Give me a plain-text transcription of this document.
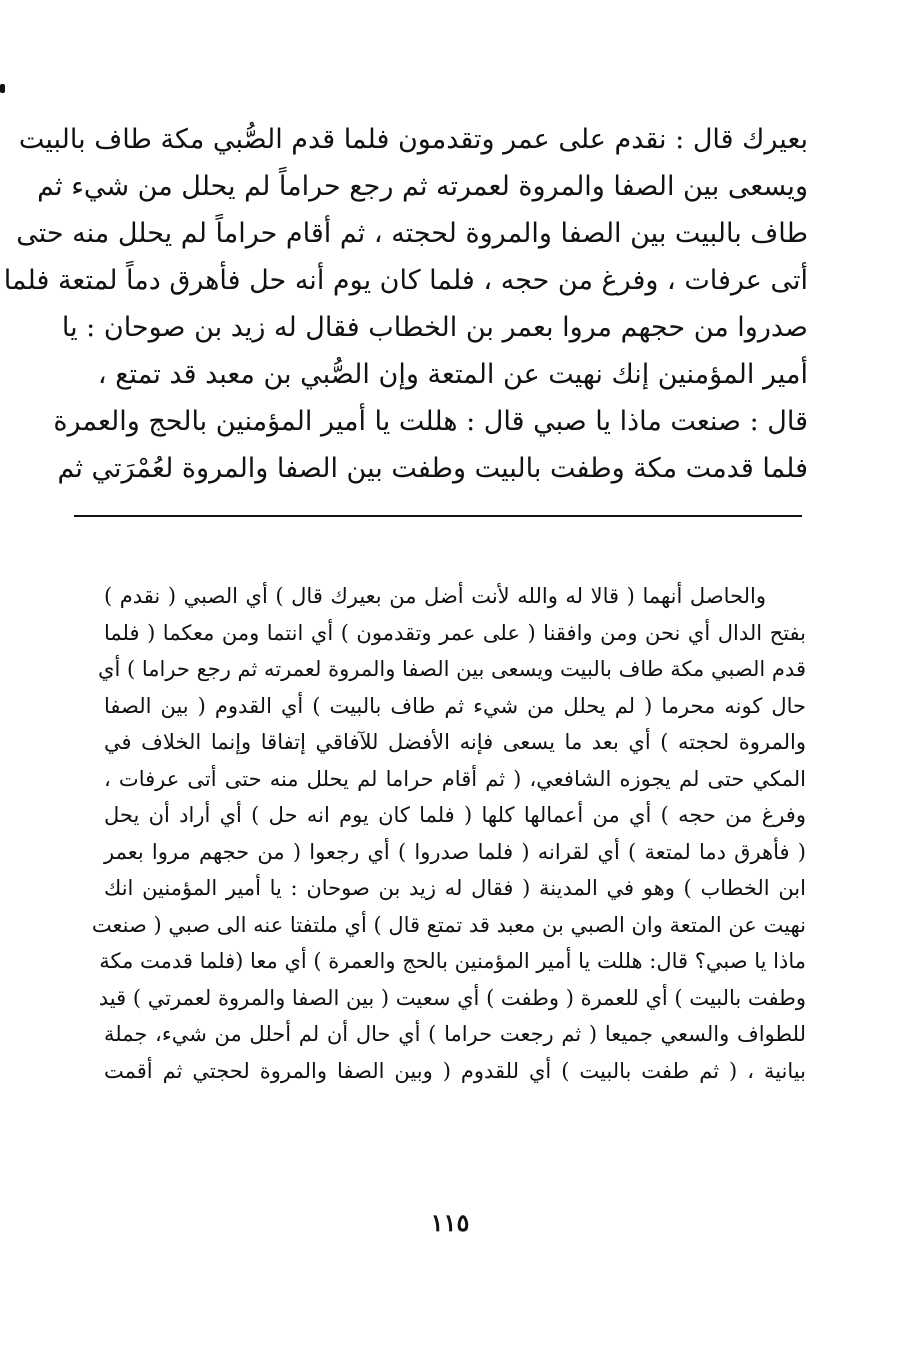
بعيرك قال : نقدم على عمر وتقدمون فلما قدم الصُّبي مكة طاف بالبيت
ويسعى بين الصفا والمروة لعمرته ثم رجع حراماً لم يحلل من شيء ثم
طاف بالبيت بين الصفا والمروة لحجته ، ثم أقام حراماً لم يحلل منه حتى
أتى عرفات ، وفرغ من حجه ، فلما كان يوم أنه حل فأهرق دماً لمتعة فلما
صدروا من حجهم مروا بعمر بن الخطاب فقال له زيد بن صوحان : يا
أمير المؤمنين إنك نهيت عن المتعة وإن الصُّبي بن معبد قد تمتع ،
قال : صنعت ماذا يا صبي قال : هللت يا أمير المؤمنين بالحج والعمرة
فلما قدمت مكة وطفت بالبيت وطفت بين الصفا والمروة لعُمْرَتي ثم
والحاصل أنهما ( قالا له والله لأنت أضل من بعيرك قال ) أي الصبي ( نقدم )
بفتح الدال أي نحن ومن وافقنا ( على عمر وتقدمون ) أي انتما ومن معكما ( فلما
قدم الصبي مكة طاف بالبيت ويسعى بين الصفا والمروة لعمرته ثم رجع حراما ) أي
حال كونه محرما ( لم يحلل من شيء ثم طاف بالبيت ) أي القدوم ( بين الصفا
والمروة لحجته ) أي بعد ما يسعى فإنه الأفضل للآفاقي إتفاقا وإنما الخلاف في
المكي حتى لم يجوزه الشافعي، ( ثم أقام حراما لم يحلل منه حتى أتى عرفات ،
وفرغ من حجه ) أي من أعمالها كلها ( فلما كان يوم انه حل ) أي أراد أن يحل
( فأهرق دما لمتعة ) أي لقرانه ( فلما صدروا ) أي رجعوا ( من حجهم مروا بعمر
ابن الخطاب ) وهو في المدينة ( فقال له زيد بن صوحان : يا أمير المؤمنين انك
نهيت عن المتعة وان الصبي بن معبد قد تمتع قال ) أي ملتفتا عنه الى صبي ( صنعت
ماذا يا صبي؟ قال: هللت يا أمير المؤمنين بالحج والعمرة ) أي معا (فلما قدمت مكة
وطفت بالبيت ) أي للعمرة ( وطفت ) أي سعيت ( بين الصفا والمروة لعمرتي ) قيد
للطواف والسعي جميعا ( ثم رجعت حراما ) أي حال أن لم أحلل من شيء، جملة
بيانية ، ( ثم طفت بالبيت ) أي للقدوم ( وبين الصفا والمروة لحجتي ثم أقمت
١١٥
